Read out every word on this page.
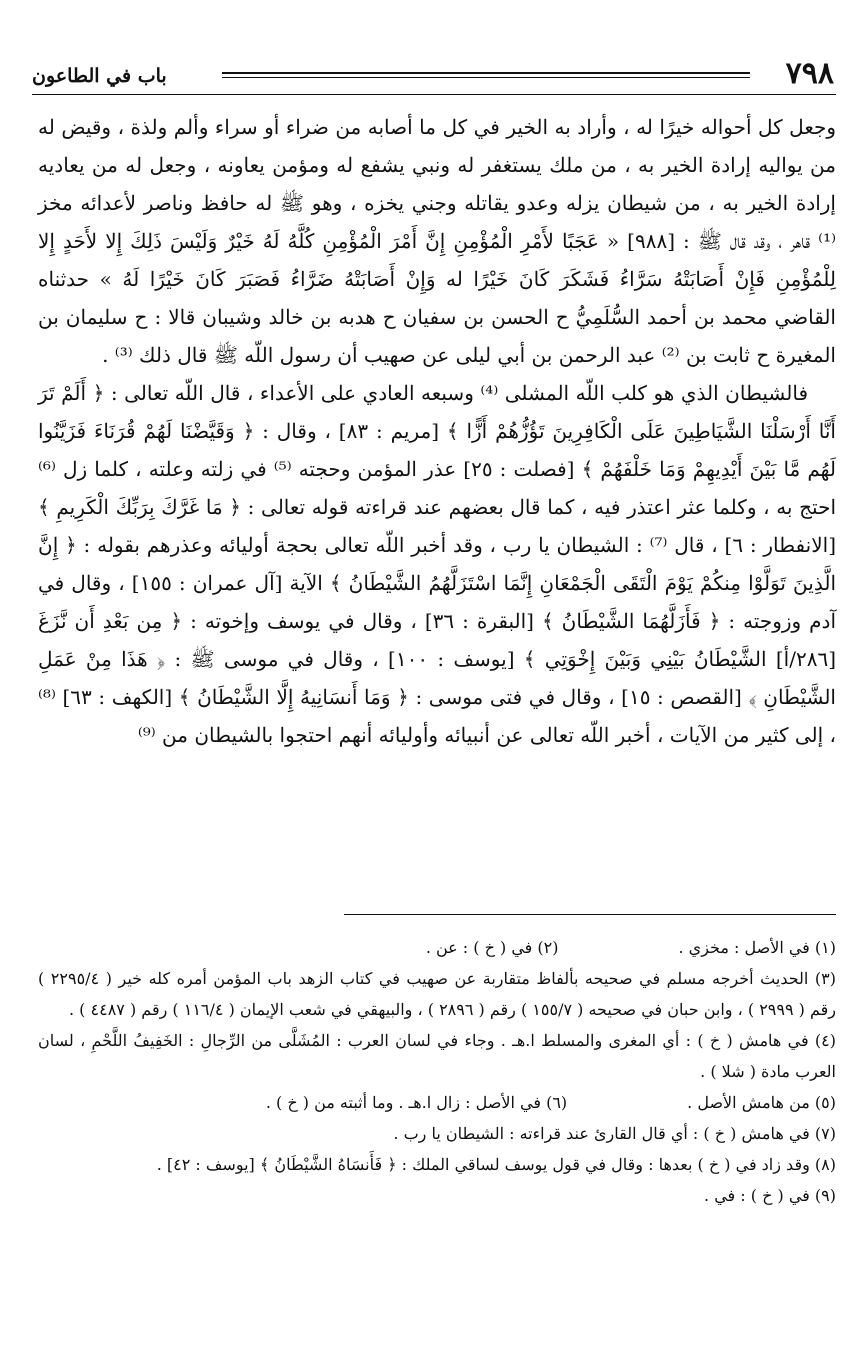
٧٩٨
باب في الطاعون

وجعل كل أحواله خيرًا له ، وأراد به الخير في كل ما أصابه من ضراء أو سراء وألم ولذة ، وقيض له من يواليه إرادة الخير به ، من ملك يستغفر له ونبي يشفع له ومؤمن يعاونه ، وجعل له من يعاديه إرادة الخير به ، من شيطان يزله وعدو يقاتله وجني يخزه ، وهو ﷺ له حافظ وناصر لأعدائه مخز ⁽¹⁾ قاهر ، وقد قال ﷺ : [٩٨٨] « عَجَبًا لأَمْرِ الْمُؤْمِنِ إِنَّ أَمْرَ الْمُؤْمِنِ كُلَّهُ لَهُ خَيْرٌ وَلَيْسَ ذَلِكَ إِلا لأَحَدٍ إِلا لِلْمُؤْمِنِ فَإِنْ أَصَابَتْهُ سَرَّاءُ فَشَكَرَ كَانَ خَيْرًا له وَإِنْ أَصَابَتْهُ ضَرَّاءُ فَصَبَرَ كَانَ خَيْرًا لَهُ » حدثناه القاضي محمد بن أحمد السُّلَمِيُّ ح الحسن بن سفيان ح هدبه بن خالد وشيبان قالا : ح سليمان بن المغيرة ح ثابت بن ⁽²⁾ عبد الرحمن بن أبي ليلى عن صهيب أن رسول اللّه ﷺ قال ذلك ⁽³⁾ .

فالشيطان الذي هو كلب اللّه المشلى ⁽⁴⁾ وسبعه العادي على الأعداء ، قال اللّه تعالى : ﴿ أَلَمْ تَرَ أَنَّا أَرْسَلْنَا الشَّيَاطِينَ عَلَى الْكَافِرِينَ تَؤُزُّهُمْ أَزًّا ﴾ [مريم : ٨٣] ، وقال : ﴿ وَقَيَّضْنَا لَهُمْ قُرَنَاءَ فَزَيَّنُوا لَهُم مَّا بَيْنَ أَيْدِيهِمْ وَمَا خَلْفَهُمْ ﴾ [فصلت : ٢٥] عذر المؤمن وحجته ⁽⁵⁾ في زلته وعلته ، كلما زل ⁽⁶⁾ احتج به ، وكلما عثر اعتذر فيه ، كما قال بعضهم عند قراءته قوله تعالى : ﴿ مَا غَرَّكَ بِرَبِّكَ الْكَرِيمِ ﴾ [الانفطار : ٦] ، قال ⁽⁷⁾ : الشيطان يا رب ، وقد أخبر اللّه تعالى بحجة أوليائه وعذرهم بقوله : ﴿ إِنَّ الَّذِينَ تَوَلَّوْا مِنكُمْ يَوْمَ الْتَقَى الْجَمْعَانِ إِنَّمَا اسْتَزَلَّهُمُ الشَّيْطَانُ ﴾ الآية [آل عمران : ١٥٥] ، وقال في آدم وزوجته : ﴿ فَأَزَلَّهُمَا الشَّيْطَانُ ﴾ [البقرة : ٣٦] ، وقال في يوسف وإخوته : ﴿ مِن بَعْدِ أَن نَّزَغَ [٢٨٦/أ] الشَّيْطَانُ بَيْنِي وَبَيْنَ إِخْوَتِي ﴾ [يوسف : ١٠٠] ، وقال في موسى ﷺ : ﴿ هَذَا مِنْ عَمَلِ الشَّيْطَانِ ﴾ [القصص : ١٥] ، وقال في فتى موسى : ﴿ وَمَا أَنسَانِيهُ إِلَّا الشَّيْطَانُ ﴾ [الكهف : ٦٣] ⁽⁸⁾ ، إلى كثير من الآيات ، أخبر اللّه تعالى عن أنبيائه وأوليائه أنهم احتجوا بالشيطان من ⁽⁹⁾

(١) في الأصل : مخزي .
(٢) في ( خ ) : عن .

(٣) الحديث أخرجه مسلم في صحيحه بألفاظ متقاربة عن صهيب في كتاب الزهد باب المؤمن أمره كله خير ( ٢٢٩٥/٤ ) رقم ( ٢٩٩٩ ) ، وابن حبان في صحيحه ( ١٥٥/٧ ) رقم ( ٢٨٩٦ ) ، والبيهقي في شعب الإيمان ( ١١٦/٤ ) رقم ( ٤٤٨٧ ) .

(٤) في هامش ( خ ) : أي المغرى والمسلط ا.هـ . وجاء في لسان العرب : المُشَلَّى من الرِّجالِ : الخَفِيفُ اللَّحْمِ ، لسان العرب مادة ( شلا ) .

(٥) من هامش الأصل .
(٦) في الأصل : زال ا.هـ . وما أثبته من ( خ ) .

(٧) في هامش ( خ ) : أي قال القارئ عند قراءته : الشيطان يا رب .

(٨) وقد زاد في ( خ ) بعدها : وقال في قول يوسف لساقي الملك : ﴿ فَأَنسَاهُ الشَّيْطَانُ ﴾ [يوسف : ٤٢] .

(٩) في ( خ ) : في .
